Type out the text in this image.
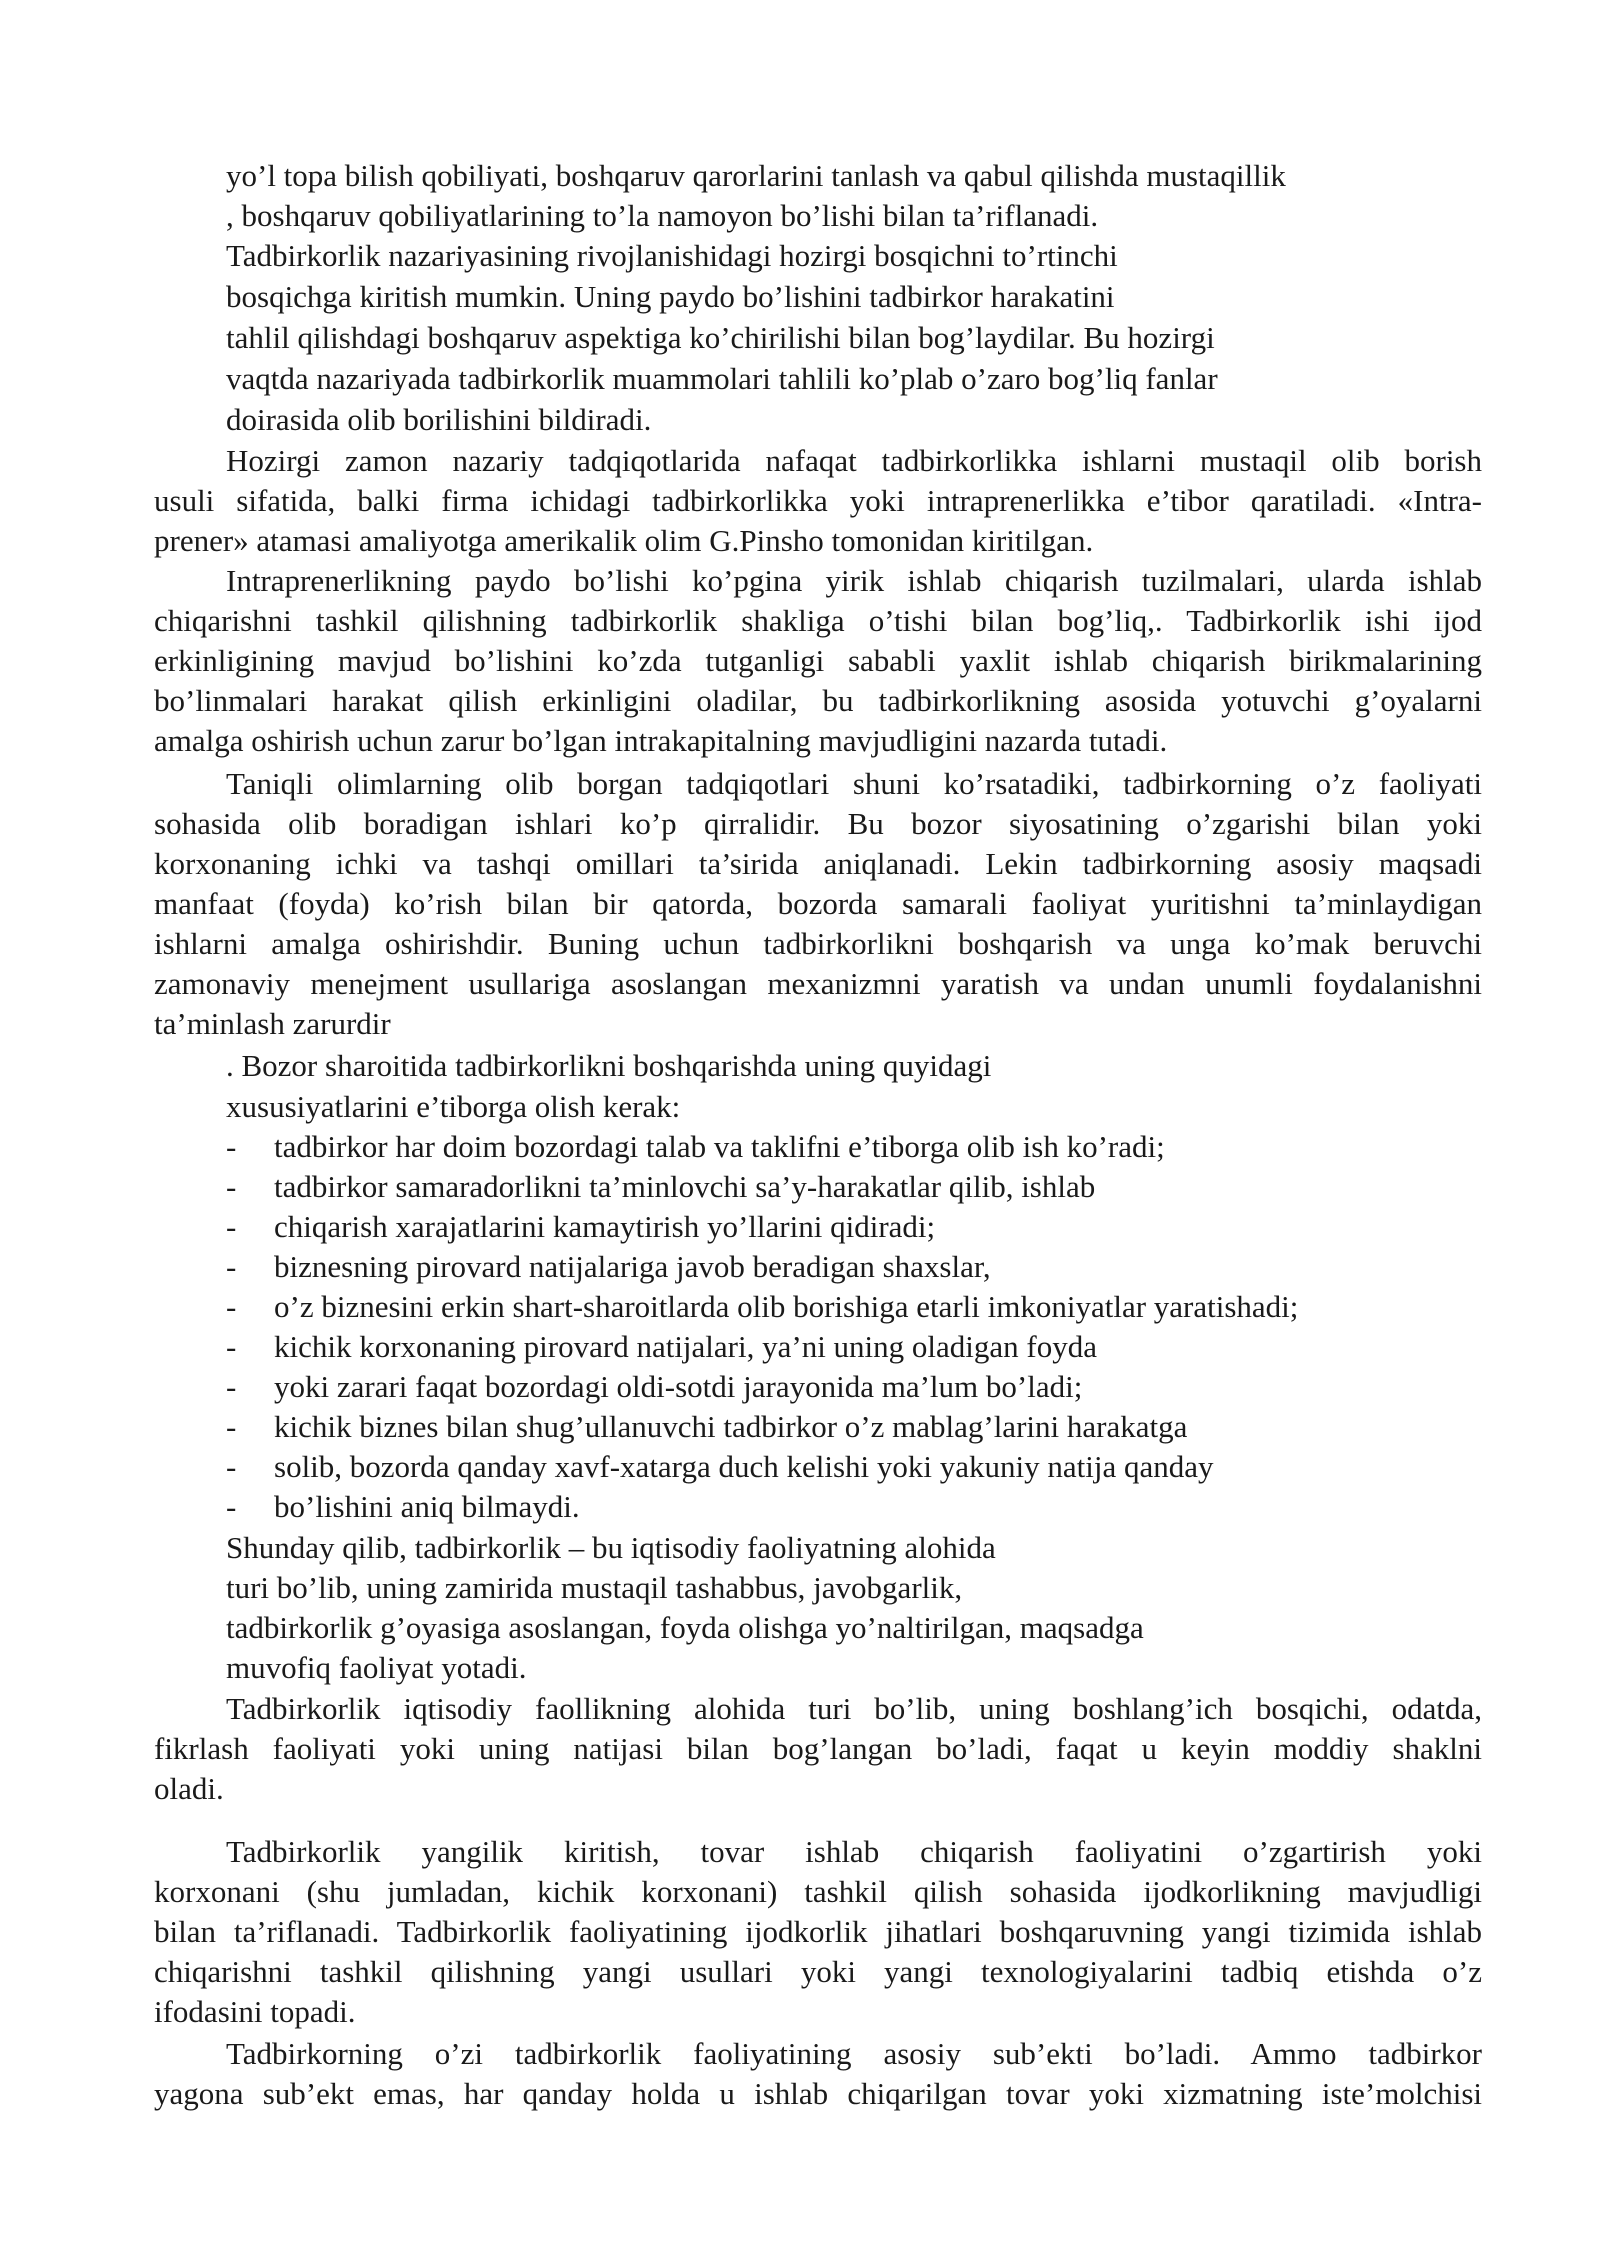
yo’l topa bilish qobiliyati, boshqaruv qarorlarini tanlash va qabul qilishda mustaqillik
, boshqaruv qobiliyatlarining to’la namoyon bo’lishi bilan ta’riflanadi.
Tadbirkorlik nazariyasining rivojlanishidagi hozirgi bosqichni to’rtinchi
bosqichga kiritish mumkin. Uning paydo bo’lishini tadbirkor harakatini
tahlil qilishdagi boshqaruv aspektiga ko’chirilishi bilan bog’laydilar. Bu hozirgi
vaqtda nazariyada tadbirkorlik muammolari tahlili ko’plab o’zaro bog’liq fanlar
doirasida olib borilishini bildiradi.
Hozirgi zamon nazariy tadqiqotlarida nafaqat tadbirkorlikka ishlarni mustaqil olib borish
usuli sifatida, balki firma ichidagi tadbirkorlikka yoki intraprenerlikka e’tibor qaratiladi. «Intra-
prener» atamasi amaliyotga amerikalik olim G.Pinsho tomonidan kiritilgan.
Intraprenerlikning paydo bo’lishi ko’pgina yirik ishlab chiqarish tuzilmalari, ularda ishlab
chiqarishni tashkil qilishning tadbirkorlik shakliga o’tishi bilan bog’liq,. Tadbirkorlik ishi ijod
erkinligining mavjud bo’lishini ko’zda tutganligi sababli yaxlit ishlab chiqarish birikmalarining
bo’linmalari harakat qilish erkinligini oladilar, bu tadbirkorlikning asosida yotuvchi g’oyalarni
amalga oshirish uchun zarur bo’lgan intrakapitalning mavjudligini nazarda tutadi.
Taniqli olimlarning olib borgan tadqiqotlari shuni ko’rsatadiki, tadbirkorning o’z faoliyati
sohasida olib boradigan ishlari ko’p qirralidir. Bu bozor siyosatining o’zgarishi bilan yoki
korxonaning ichki va tashqi omillari ta’sirida aniqlanadi. Lekin tadbirkorning asosiy maqsadi
manfaat (foyda) ko’rish bilan bir qatorda, bozorda samarali faoliyat yuritishni ta’minlaydigan
ishlarni amalga oshirishdir. Buning uchun tadbirkorlikni boshqarish va unga ko’mak beruvchi
zamonaviy menejment usullariga asoslangan mexanizmni yaratish va undan unumli foydalanishni
ta’minlash zarurdir
. Bozor sharoitida tadbirkorlikni boshqarishda uning quyidagi
xususiyatlarini e’tiborga olish kerak:
- tadbirkor har doim bozordagi talab va taklifni e’tiborga olib ish ko’radi;
- tadbirkor samaradorlikni ta’minlovchi sa’y-harakatlar qilib, ishlab
- chiqarish xarajatlarini kamaytirish yo’llarini qidiradi;
- biznesning pirovard natijalariga javob beradigan shaxslar,
- o’z biznesini erkin shart-sharoitlarda olib borishiga etarli imkoniyatlar yaratishadi;
- kichik korxonaning pirovard natijalari, ya’ni uning oladigan foyda
- yoki zarari faqat bozordagi oldi-sotdi jarayonida ma’lum bo’ladi;
- kichik biznes bilan shug’ullanuvchi tadbirkor o’z mablag’larini harakatga
- solib, bozorda qanday xavf-xatarga duch kelishi yoki yakuniy natija qanday
- bo’lishini aniq bilmaydi.
Shunday qilib, tadbirkorlik – bu iqtisodiy faoliyatning alohida
turi bo’lib, uning zamirida mustaqil tashabbus, javobgarlik,
tadbirkorlik g’oyasiga asoslangan, foyda olishga yo’naltirilgan, maqsadga
muvofiq faoliyat yotadi.
Tadbirkorlik iqtisodiy faollikning alohida turi bo’lib, uning boshlang’ich bosqichi, odatda,
fikrlash faoliyati yoki uning natijasi bilan bog’langan bo’ladi, faqat u keyin moddiy shaklni
oladi.
Tadbirkorlik yangilik kiritish, tovar ishlab chiqarish faoliyatini o’zgartirish yoki
korxonani (shu jumladan, kichik korxonani) tashkil qilish sohasida ijodkorlikning mavjudligi
bilan ta’riflanadi. Tadbirkorlik faoliyatining ijodkorlik jihatlari boshqaruvning yangi tizimida ishlab
chiqarishni tashkil qilishning yangi usullari yoki yangi texnologiyalarini tadbiq etishda o’z
ifodasini topadi.
Tadbirkorning o’zi tadbirkorlik faoliyatining asosiy sub’ekti bo’ladi. Ammo tadbirkor
yagona sub’ekt emas, har qanday holda u ishlab chiqarilgan tovar yoki xizmatning iste’molchisi
